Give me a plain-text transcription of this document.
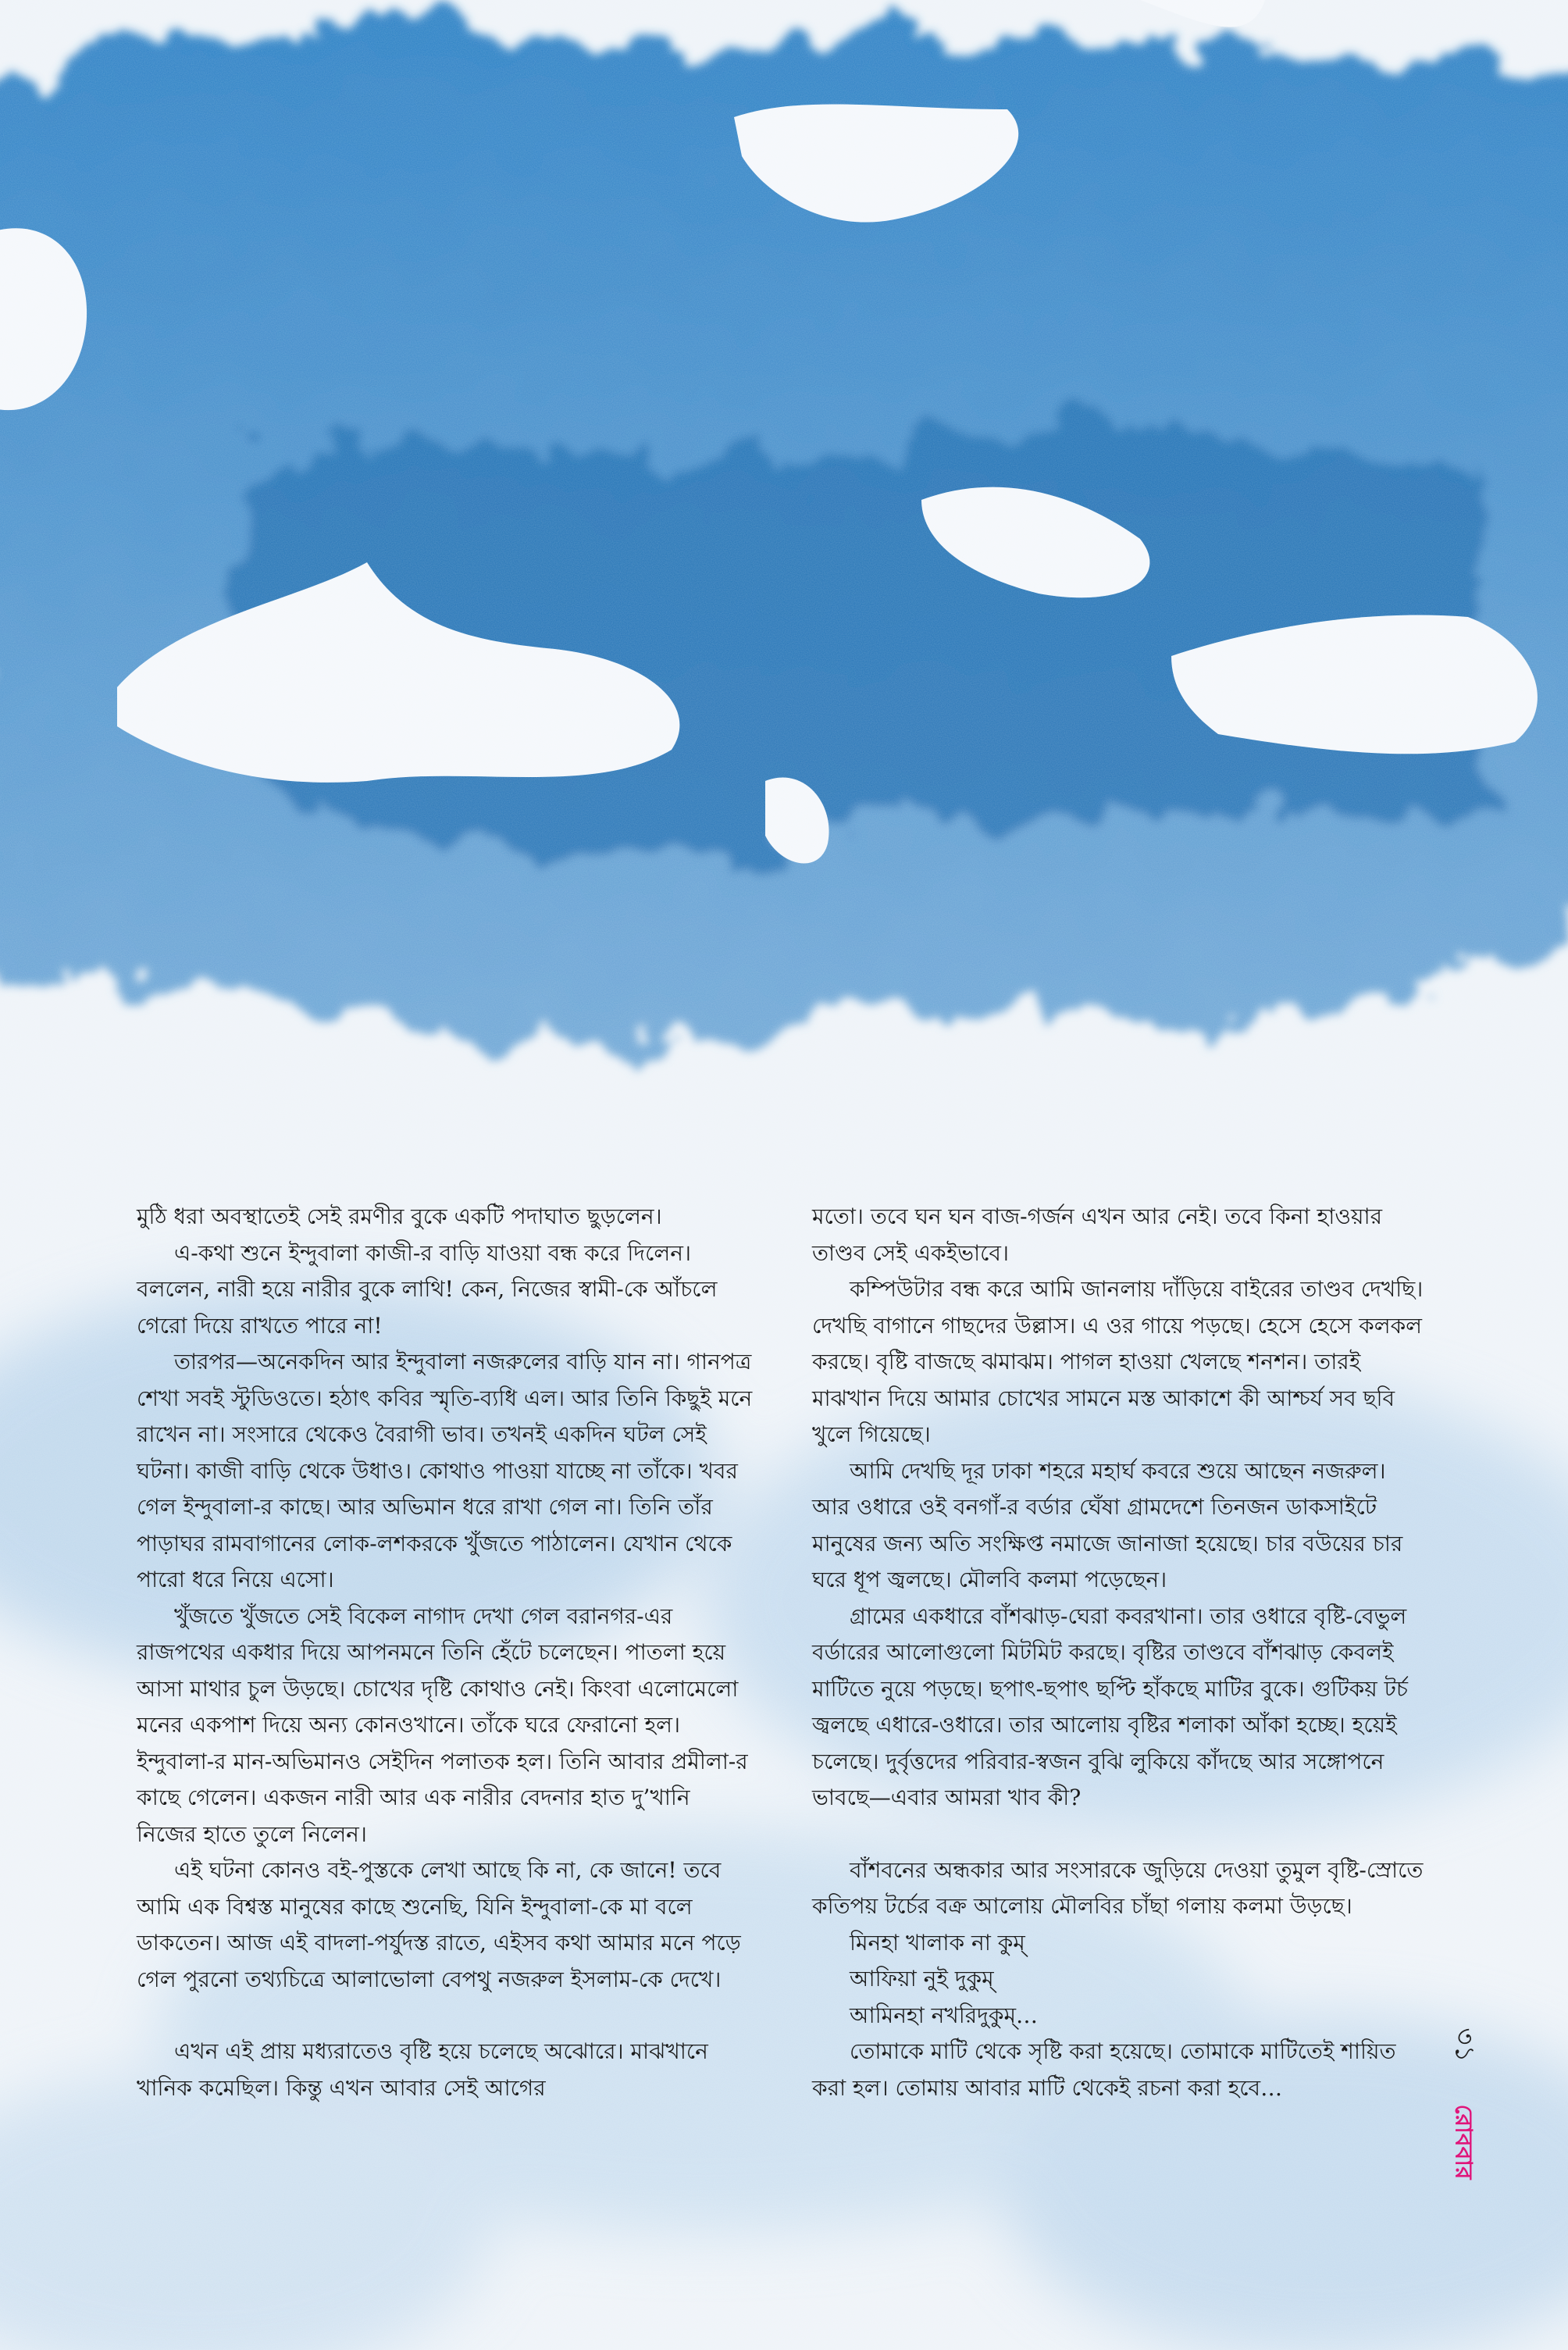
মুঠি ধরা অবস্থাতেই সেই রমণীর বুকে একটি পদাঘাত ছুড়লেন।

এ-কথা শুনে ইন্দুবালা কাজী-র বাড়ি যাওয়া বন্ধ করে দিলেন। বললেন, নারী হয়ে নারীর বুকে লাথি! কেন, নিজের স্বামী-কে আঁচলে গেরো দিয়ে রাখতে পারে না!

তারপর—অনেকদিন আর ইন্দুবালা নজরুলের বাড়ি যান না। গানপত্র শেখা সবই স্টুডিওতে। হঠাৎ কবির স্মৃতি-ব্যধি এল। আর তিনি কিছুই মনে রাখেন না। সংসারে থেকেও বৈরাগী ভাব। তখনই একদিন ঘটল সেই ঘটনা। কাজী বাড়ি থেকে উধাও। কোথাও পাওয়া যাচ্ছে না তাঁকে। খবর গেল ইন্দুবালা-র কাছে। আর অভিমান ধরে রাখা গেল না। তিনি তাঁর পাড়াঘর রামবাগানের লোক-লশকরকে খুঁজতে পাঠালেন। যেখান থেকে পারো ধরে নিয়ে এসো।

খুঁজতে খুঁজতে সেই বিকেল নাগাদ দেখা গেল বরানগর-এর রাজপথের একধার দিয়ে আপনমনে তিনি হেঁটে চলেছেন। পাতলা হয়ে আসা মাথার চুল উড়ছে। চোখের দৃষ্টি কোথাও নেই। কিংবা এলোমেলো মনের একপাশ দিয়ে অন্য কোনওখানে। তাঁকে ঘরে ফেরানো হল। ইন্দুবালা-র মান-অভিমানও সেইদিন পলাতক হল। তিনি আবার প্রমীলা-র কাছে গেলেন। একজন নারী আর এক নারীর বেদনার হাত দু’খানি নিজের হাতে তুলে নিলেন।

এই ঘটনা কোনও বই-পুস্তকে লেখা আছে কি না, কে জানে! তবে আমি এক বিশ্বস্ত মানুষের কাছে শুনেছি, যিনি ইন্দুবালা-কে মা বলে ডাকতেন। আজ এই বাদলা-পর্যুদস্ত রাতে, এইসব কথা আমার মনে পড়ে গেল পুরনো তথ্যচিত্রে আলাভোলা বেপথু নজরুল ইসলাম-কে দেখে।

এখন এই প্রায় মধ্যরাতেও বৃষ্টি হয়ে চলেছে অঝোরে। মাঝখানে খানিক কমেছিল। কিন্তু এখন আবার সেই আগের

মতো। তবে ঘন ঘন বাজ-গর্জন এখন আর নেই। তবে কিনা হাওয়ার তাণ্ডব সেই একইভাবে।

কম্পিউটার বন্ধ করে আমি জানলায় দাঁড়িয়ে বাইরের তাণ্ডব দেখছি। দেখছি বাগানে গাছদের উল্লাস। এ ওর গায়ে পড়ছে। হেসে হেসে কলকল করছে। বৃষ্টি বাজছে ঝমাঝম। পাগল হাওয়া খেলছে শনশন। তারই মাঝখান দিয়ে আমার চোখের সামনে মস্ত আকাশে কী আশ্চর্য সব ছবি খুলে গিয়েছে।

আমি দেখছি দূর ঢাকা শহরে মহার্ঘ কবরে শুয়ে আছেন নজরুল। আর ওধারে ওই বনগাঁ-র বর্ডার ঘেঁষা গ্রামদেশে তিনজন ডাকসাইটে মানুষের জন্য অতি সংক্ষিপ্ত নমাজে জানাজা হয়েছে। চার বউয়ের চার ঘরে ধূপ জ্বলছে। মৌলবি কলমা পড়েছেন।

গ্রামের একধারে বাঁশঝাড়-ঘেরা কবরখানা। তার ওধারে বৃষ্টি-বেভুল বর্ডারের আলোগুলো মিটমিট করছে। বৃষ্টির তাণ্ডবে বাঁশঝাড় কেবলই মাটিতে নুয়ে পড়ছে। ছপাৎ-ছপাৎ ছপ্টি হাঁকছে মাটির বুকে। গুটিকয় টর্চ জ্বলছে এধারে-ওধারে। তার আলোয় বৃষ্টির শলাকা আঁকা হচ্ছে। হয়েই চলেছে। দুর্বৃত্তদের পরিবার-স্বজন বুঝি লুকিয়ে কাঁদছে আর সঙ্গোপনে ভাবছে—এবার আমরা খাব কী?

বাঁশবনের অন্ধকার আর সংসারকে জুড়িয়ে দেওয়া তুমুল বৃষ্টি-স্রোতে কতিপয় টর্চের বক্র আলোয় মৌলবির চাঁছা গলায় কলমা উড়ছে।

মিনহা খালাক না কুম্

আফিয়া নুই দুকুম্

আমিনহা নখরিদুকুম্…

তোমাকে মাটি থেকে সৃষ্টি করা হয়েছে। তোমাকে মাটিতেই শায়িত করা হল। তোমায় আবার মাটি থেকেই রচনা করা হবে…

৩১
রোববার
